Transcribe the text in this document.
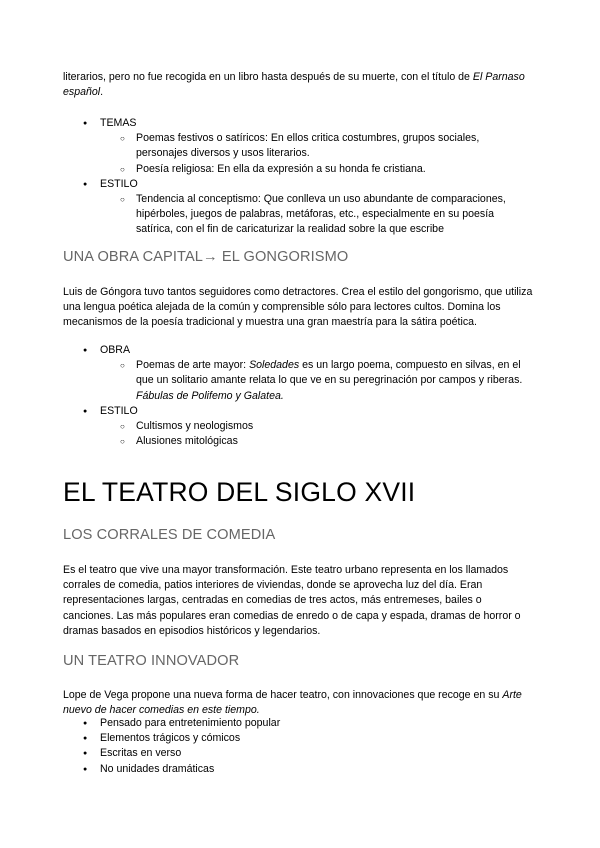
literarios, pero no fue recogida en un libro hasta después de su muerte, con el título de El Parnaso español.

● TEMAS
○ Poemas festivos o satíricos: En ellos critica costumbres, grupos sociales, personajes diversos y usos literarios.
○ Poesía religiosa: En ella da expresión a su honda fe cristiana.
● ESTILO
○ Tendencia al conceptismo: Que conlleva un uso abundante de comparaciones, hipérboles, juegos de palabras, metáforas, etc., especialmente en su poesía satírica, con el fin de caricaturizar la realidad sobre la que escribe
UNA OBRA CAPITAL→ EL GONGORISMO

Luis de Góngora tuvo tantos seguidores como detractores. Crea el estilo del gongorismo, que utiliza una lengua poética alejada de la común y comprensible sólo para lectores cultos. Domina los mecanismos de la poesía tradicional y muestra una gran maestría para la sátira poética.

● OBRA
○ Poemas de arte mayor: Soledades es un largo poema, compuesto en silvas, en el que un solitario amante relata lo que ve en su peregrinación por campos y riberas. Fábulas de Polifemo y Galatea.
● ESTILO
○ Cultismos y neologismos
○ Alusiones mitológicas
EL TEATRO DEL SIGLO XVII
LOS CORRALES DE COMEDIA

Es el teatro que vive una mayor transformación. Este teatro urbano representa en los llamados corrales de comedia, patios interiores de viviendas, donde se aprovecha luz del día. Eran representaciones largas, centradas en comedias de tres actos, más entremeses, bailes o canciones. Las más populares eran comedias de enredo o de capa y espada, dramas de horror o dramas basados en episodios históricos y legendarios.

UN TEATRO INNOVADOR

Lope de Vega propone una nueva forma de hacer teatro, con innovaciones que recoge en su Arte nuevo de hacer comedias en este tiempo.

● Pensado para entretenimiento popular
● Elementos trágicos y cómicos
● Escritas en verso
● No unidades dramáticas
